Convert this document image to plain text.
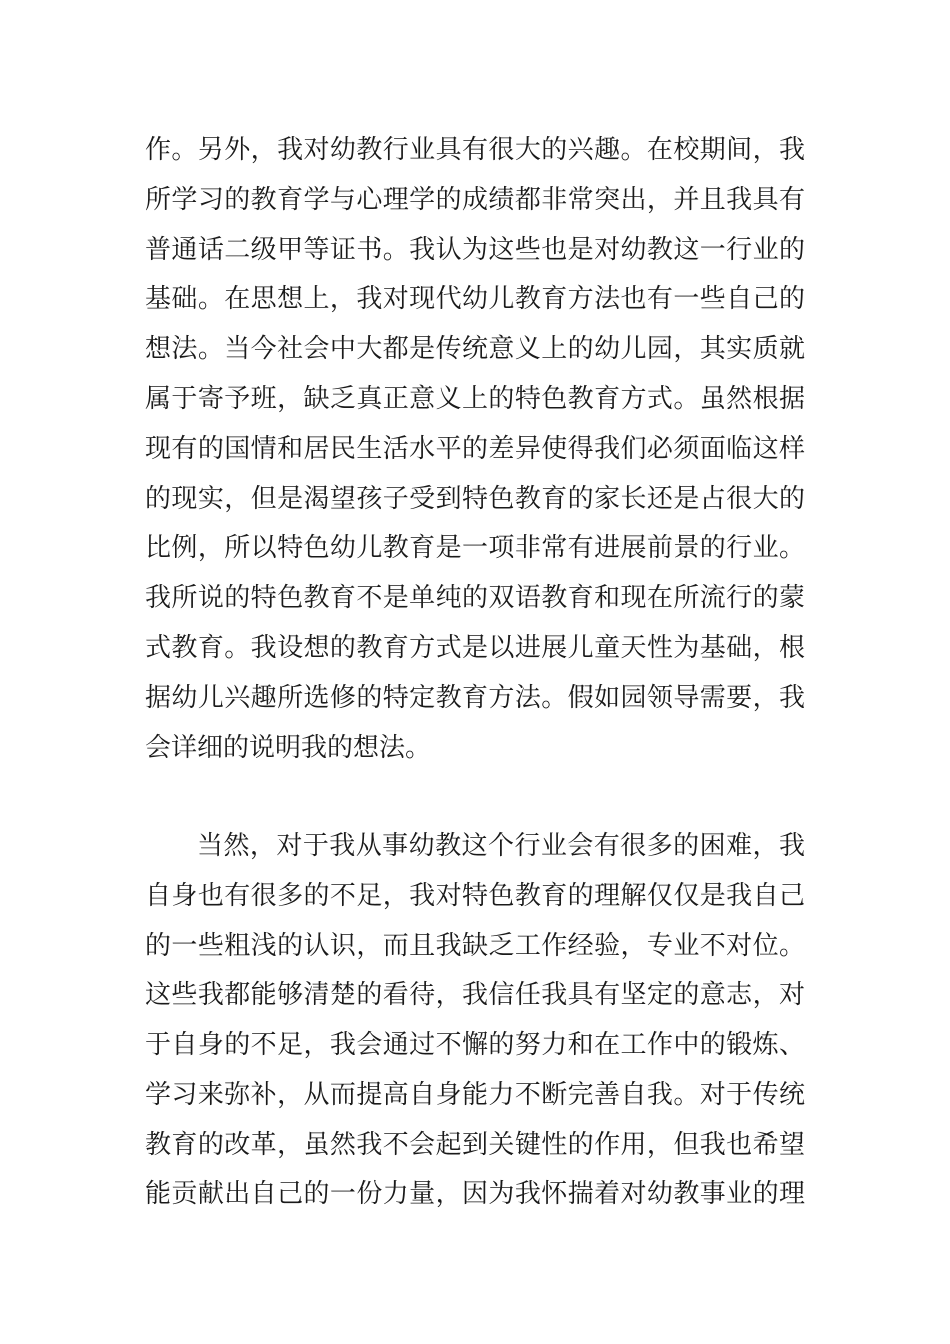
作。另外，我对幼教行业具有很大的兴趣。在校期间，我
所学习的教育学与心理学的成绩都非常突出，并且我具有
普通话二级甲等证书。我认为这些也是对幼教这一行业的
基础。在思想上，我对现代幼儿教育方法也有一些自己的
想法。当今社会中大都是传统意义上的幼儿园，其实质就
属于寄予班，缺乏真正意义上的特色教育方式。虽然根据
现有的国情和居民生活水平的差异使得我们必须面临这样
的现实，但是渴望孩子受到特色教育的家长还是占很大的
比例，所以特色幼儿教育是一项非常有进展前景的行业。
我所说的特色教育不是单纯的双语教育和现在所流行的蒙
式教育。我设想的教育方式是以进展儿童天性为基础，根
据幼儿兴趣所选修的特定教育方法。假如园领导需要，我
会详细的说明我的想法。
当然，对于我从事幼教这个行业会有很多的困难，我
自身也有很多的不足，我对特色教育的理解仅仅是我自己
的一些粗浅的认识，而且我缺乏工作经验，专业不对位。
这些我都能够清楚的看待，我信任我具有坚定的意志，对
于自身的不足，我会通过不懈的努力和在工作中的锻炼、
学习来弥补，从而提高自身能力不断完善自我。对于传统
教育的改革，虽然我不会起到关键性的作用，但我也希望
能贡献出自己的一份力量，因为我怀揣着对幼教事业的理
